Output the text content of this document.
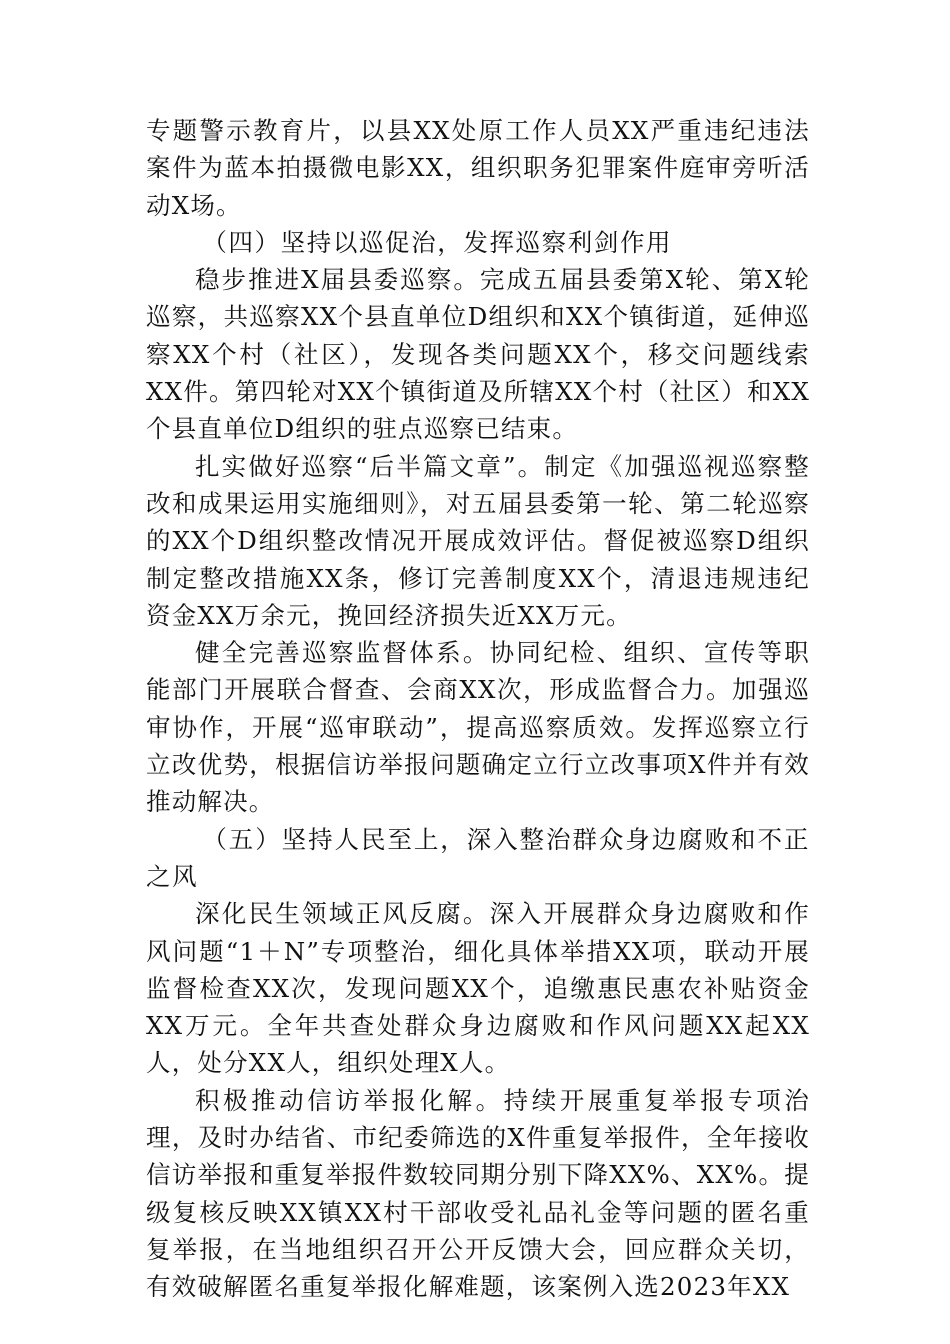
专题警示教育片，以县XX处原工作人员XX严重违纪违法案件为蓝本拍摄微电影XX，组织职务犯罪案件庭审旁听活动X场。

（四）坚持以巡促治，发挥巡察利剑作用

稳步推进X届县委巡察。完成五届县委第X轮、第X轮巡察，共巡察XX个县直单位D组织和XX个镇街道，延伸巡察XX个村（社区），发现各类问题XX个，移交问题线索XX件。第四轮对XX个镇街道及所辖XX个村（社区）和XX个县直单位D组织的驻点巡察已结束。

扎实做好巡察“后半篇文章”。制定《加强巡视巡察整改和成果运用实施细则》，对五届县委第一轮、第二轮巡察的XX个D组织整改情况开展成效评估。督促被巡察D组织制定整改措施XX条，修订完善制度XX个，清退违规违纪资金XX万余元，挽回经济损失近XX万元。

健全完善巡察监督体系。协同纪检、组织、宣传等职能部门开展联合督查、会商XX次，形成监督合力。加强巡审协作，开展“巡审联动”，提高巡察质效。发挥巡察立行立改优势，根据信访举报问题确定立行立改事项X件并有效推动解决。

（五）坚持人民至上，深入整治群众身边腐败和不正之风

深化民生领域正风反腐。深入开展群众身边腐败和作风问题“1＋N”专项整治，细化具体举措XX项，联动开展监督检查XX次，发现问题XX个，追缴惠民惠农补贴资金XX万元。全年共查处群众身边腐败和作风问题XX起XX人，处分XX人，组织处理X人。

积极推动信访举报化解。持续开展重复举报专项治理，及时办结省、市纪委筛选的X件重复举报件，全年接收信访举报和重复举报件数较同期分别下降XX%、XX%。提级复核反映XX镇XX村干部收受礼品礼金等问题的匿名重复举报，在当地组织召开公开反馈大会，回应群众关切，有效破解匿名重复举报化解难题，该案例入选2023年XX
